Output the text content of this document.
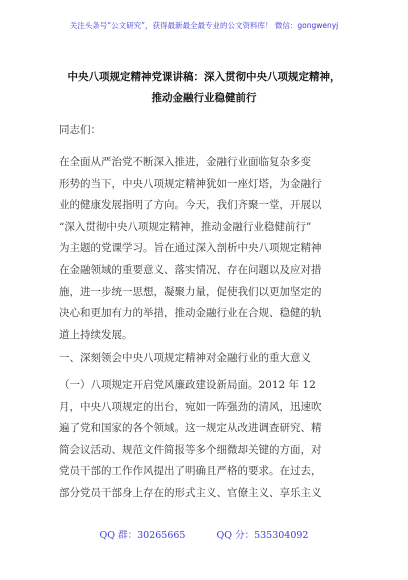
关注头条号“公文研究”，获得最新最全最专业的公文资料库！ 微信：gongwenyj
中央八项规定精神党课讲稿：深入贯彻中央八项规定精神，
推动金融行业稳健前行
同志们：
在全面从严治党不断深入推进，金融行业面临复杂多变
形势的当下，中央八项规定精神犹如一座灯塔，为金融行
业的健康发展指明了方向。今天，我们齐聚一堂，开展以
“深入贯彻中央八项规定精神，推动金融行业稳健前行”
为主题的党课学习。旨在通过深入剖析中央八项规定精神
在金融领域的重要意义、落实情况、存在问题以及应对措
施，进一步统一思想，凝聚力量，促使我们以更加坚定的
决心和更加有力的举措，推动金融行业在合规、稳健的轨
道上持续发展。
一、深刻领会中央八项规定精神对金融行业的重大意义
（一）八项规定开启党风廉政建设新局面。2012 年 12
月，中央八项规定的出台，宛如一阵强劲的清风，迅速吹
遍了党和国家的各个领域。这一规定从改进调查研究、精
简会议活动、规范文件简报等多个细微却关键的方面，对
党员干部的工作作风提出了明确且严格的要求。在过去，
部分党员干部身上存在的形式主义、官僚主义、享乐主义
QQ 群：30265665	QQ 分：535304092
